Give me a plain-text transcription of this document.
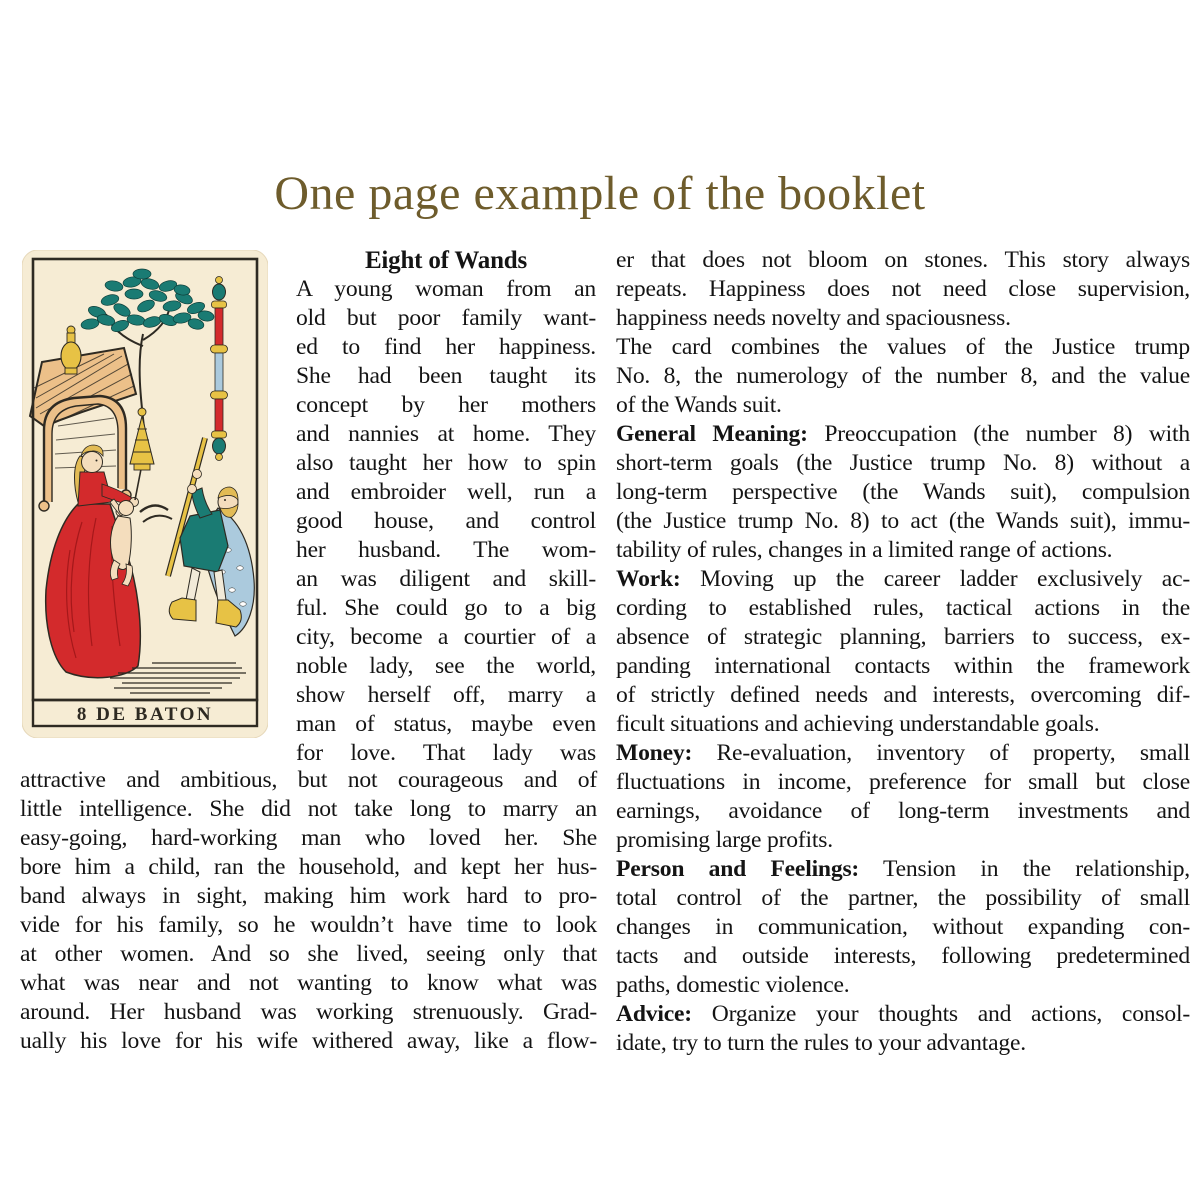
One page example of the booklet
8 DE BATON
Eight of Wands
A young woman from an
old but poor family want-
ed to find her happiness.
She had been taught its
concept by her mothers
and nannies at home. They
also taught her how to spin
and embroider well, run a
good house, and control
her husband. The wom-
an was diligent and skill-
ful. She could go to a big
city, become a courtier of a
noble lady, see the world,
show herself off, marry a
man of status, maybe even
for love. That lady was
attractive and ambitious, but not courageous and of
little intelligence. She did not take long to marry an
easy-going, hard-working man who loved her. She
bore him a child, ran the household, and kept her hus-
band always in sight, making him work hard to pro-
vide for his family, so he wouldn’t have time to look
at other women. And so she lived, seeing only that
what was near and not wanting to know what was
around. Her husband was working strenuously. Grad-
ually his love for his wife withered away, like a flow-
er that does not bloom on stones. This story always
repeats. Happiness does not need close supervision,
happiness needs novelty and spaciousness.
The card combines the values of the Justice trump
No. 8, the numerology of the number 8, and the value
of the Wands suit.
General Meaning: Preoccupation (the number 8) with
short-term goals (the Justice trump No. 8) without a
long-term perspective (the Wands suit), compulsion
(the Justice trump No. 8) to act (the Wands suit), immu-
tability of rules, changes in a limited range of actions.
Work: Moving up the career ladder exclusively ac-
cording to established rules, tactical actions in the
absence of strategic planning, barriers to success, ex-
panding international contacts within the framework
of strictly defined needs and interests, overcoming dif-
ficult situations and achieving understandable goals.
Money: Re-evaluation, inventory of property, small
fluctuations in income, preference for small but close
earnings, avoidance of long-term investments and
promising large profits.
Person and Feelings: Tension in the relationship,
total control of the partner, the possibility of small
changes in communication, without expanding con-
tacts and outside interests, following predetermined
paths, domestic violence.
Advice: Organize your thoughts and actions, consol-
idate, try to turn the rules to your advantage.
